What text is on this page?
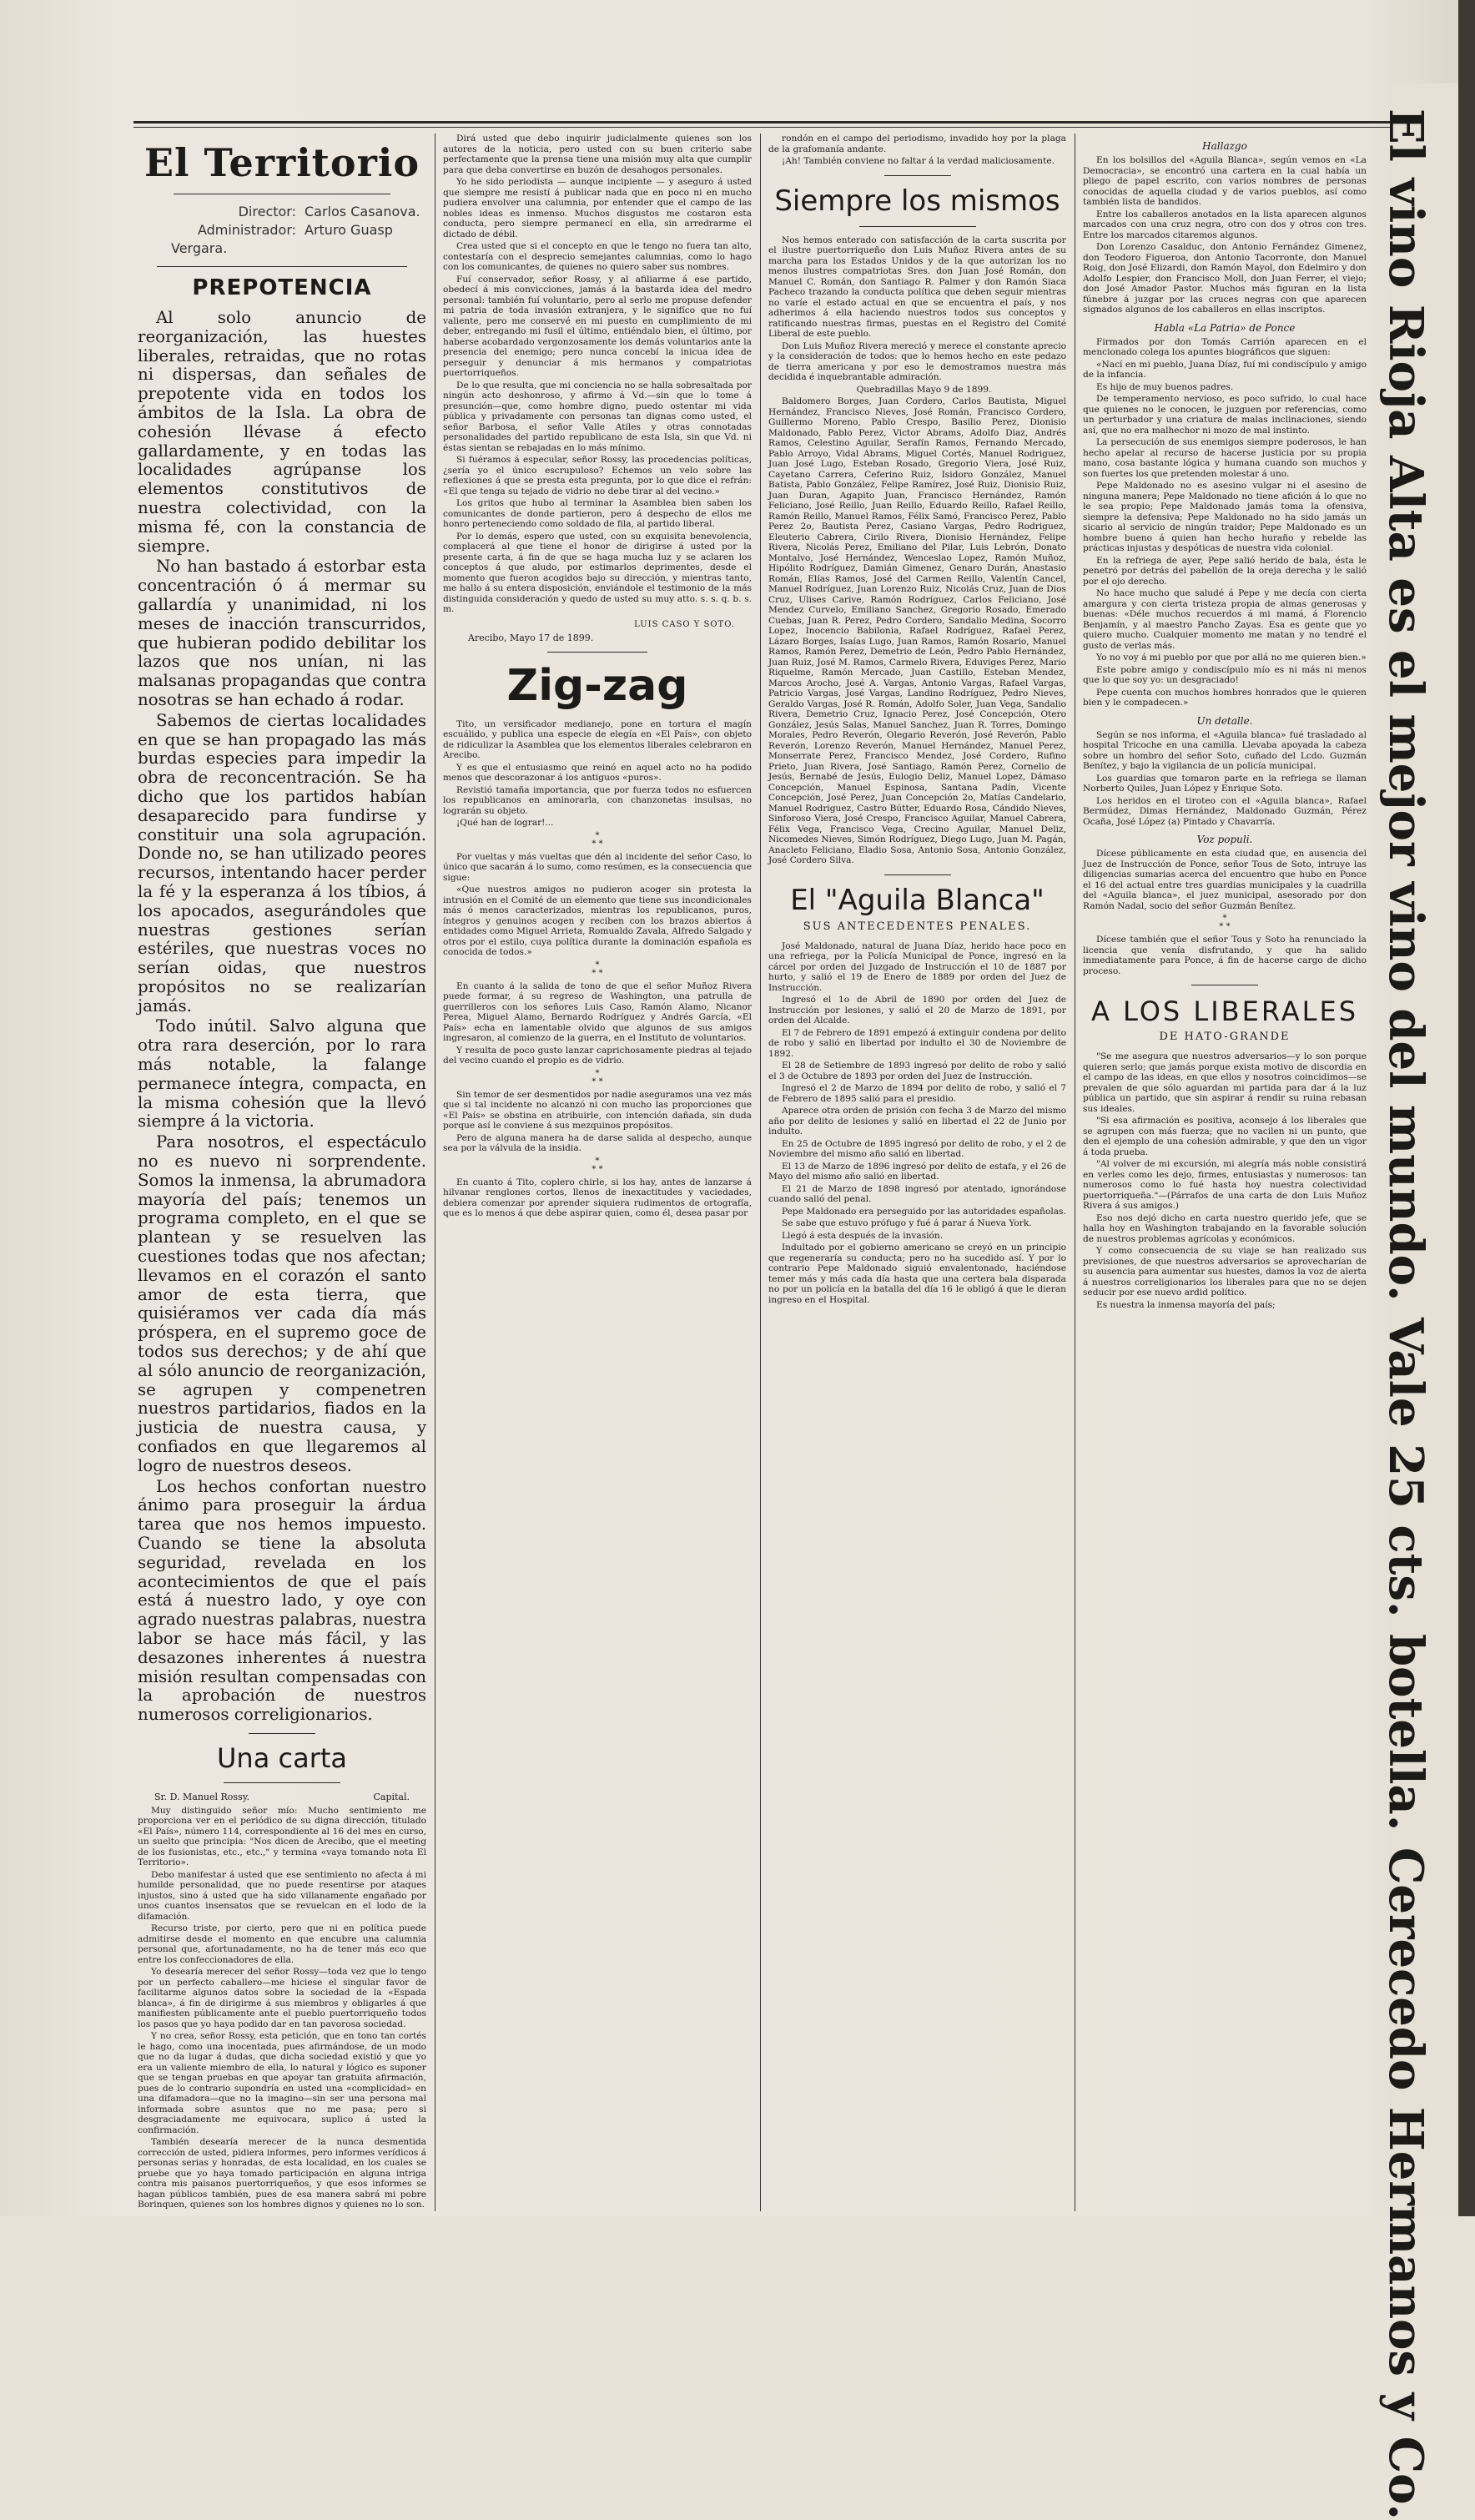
El Territorio
Director: Carlos Casanova.
Administrador: Arturo Guasp Vergara.
PREPOTENCIA

Al solo anuncio de reorganización, las huestes liberales, retraidas, que no rotas ni dispersas, dan señales de prepotente vida en todos los ámbitos de la Isla. La obra de cohesión llévase á efecto gallardamente, y en todas las localidades agrúpanse los elementos constitutivos de nuestra colectividad, con la misma fé, con la constancia de siempre.

No han bastado á estorbar esta concentración ó á mermar su gallardía y unanimidad, ni los meses de inacción transcurridos, que hubieran podido debilitar los lazos que nos unían, ni las malsanas propagandas que contra nosotras se han echado á rodar.

Sabemos de ciertas localidades en que se han propagado las más burdas especies para impedir la obra de reconcentración. Se ha dicho que los partidos habían desaparecido para fundirse y constituir una sola agrupación. Donde no, se han utilizado peores recursos, intentando hacer perder la fé y la esperanza á los tíbios, á los apocados, asegurándoles que nuestras gestiones serían estériles, que nuestras voces no serían oidas, que nuestros propósitos no se realizarían jamás.

Todo inútil. Salvo alguna que otra rara deserción, por lo rara más notable, la falange permanece íntegra, compacta, en la misma cohesión que la llevó siempre á la victoria.

Para nosotros, el espectáculo no es nuevo ni sorprendente. Somos la inmensa, la abrumadora mayoría del país; tenemos un programa completo, en el que se plantean y se resuelven las cuestiones todas que nos afectan; llevamos en el corazón el santo amor de esta tierra, que quisiéramos ver cada día más próspera, en el supremo goce de todos sus derechos; y de ahí que al sólo anuncio de reorganización, se agrupen y compenetren nuestros partidarios, fiados en la justicia de nuestra causa, y confiados en que llegaremos al logro de nuestros deseos.

Los hechos confortan nuestro ánimo para proseguir la árdua tarea que nos hemos impuesto. Cuando se tiene la absoluta seguridad, revelada en los acontecimientos de que el país está á nuestro lado, y oye con agrado nuestras palabras, nuestra labor se hace más fácil, y las desazones inherentes á nuestra misión resultan compensadas con la aprobación de nuestros numerosos correligionarios.

Una carta
Sr. D. Manuel Rossy.	Capital.

Muy distinguido señor mío: Mucho sentimiento me proporciona ver en el periódico de su digna dirección, titulado «El País», número 114, correspondiente al 16 del mes en curso, un suelto que principia: "Nos dicen de Arecibo, que el meeting de los fusionistas, etc., etc.," y termina «vaya tomando nota El Territorio».

Debo manifestar á usted que ese sentimiento no afecta á mi humilde personalidad, que no puede resentirse por ataques injustos, sino á usted que ha sido villanamente engañado por unos cuantos insensatos que se revuelcan en el lodo de la difamación.

Recurso triste, por cierto, pero que ni en política puede admitirse desde el momento en que encubre una calumnia personal que, afortunadamente, no ha de tener más eco que entre los confeccionadores de ella.

Yo desearía merecer del señor Rossy—toda vez que lo tengo por un perfecto caballero—me hiciese el singular favor de facilitarme algunos datos sobre la sociedad de la «Espada blanca», á fin de dirigirme á sus miembros y obligarles á que manifiesten públicamente ante el pueblo puertorriqueño todos los pasos que yo haya podido dar en tan pavorosa sociedad.

Y no crea, señor Rossy, esta petición, que en tono tan cortés le hago, como una inocentada, pues afirmándose, de un modo que no da lugar á dudas, que dicha sociedad existió y que yo era un valiente miembro de ella, lo natural y lógico es suponer que se tengan pruebas en que apoyar tan gratuita afirmación, pues de lo contrario supondría en usted una «complicidad» en una difamadora—que no la imagino—sin ser una persona mal informada sobre asuntos que no me pasa; pero si desgraciadamente me equivocara, suplico á usted la confirmación.

También desearía merecer de la nunca desmentida corrección de usted, pidiera informes, pero informes verídicos á personas serias y honradas, de esta localidad, en los cuales se pruebe que yo haya tomado participación en alguna intriga contra mis paisanos puertorriqueños, y que esos informes se hagan públicos también, pues de esa manera sabrá mi pobre Borinquen, quienes son los hombres dignos y quienes no lo son.

Dirá usted que debo inquirir judicialmente quienes son los autores de la noticia, pero usted con su buen criterio sabe perfectamente que la prensa tiene una misión muy alta que cumplir para que deba convertirse en buzón de desahogos personales.

Yo he sido periodista — aunque incipiente — y aseguro á usted que siempre me resistí á publicar nada que en poco ni en mucho pudiera envolver una calumnia, por entender que el campo de las nobles ideas es inmenso. Muchos disgustos me costaron esta conducta, pero siempre permanecí en ella, sin arredrarme el dictado de débil.

Crea usted que si el concepto en que le tengo no fuera tan alto, contestaría con el desprecio semejantes calumnias, como lo hago con los comunicantes, de quienes no quiero saber sus nombres.

Fuí conservador, señor Rossy, y al afiliarme á ese partido, obedecí á mis convicciones, jamás á la bastarda idea del medro personal: también fuí voluntario, pero al serlo me propuse defender mi patria de toda invasión extranjera, y le signifíco que no fuí valiente, pero me conservé en mi puesto en cumplimiento de mi deber, entregando mi fusil el último, entiéndalo bien, el último, por haberse acobardado vergonzosamente los demás voluntarios ante la presencia del enemigo; pero nunca concebí la inicua idea de perseguir y denunciar á mis hermanos y compatriotas puertorriqueños.

De lo que resulta, que mi conciencia no se halla sobresaltada por ningún acto deshonroso, y afirmo á Vd.—sin que lo tome á presunción—que, como hombre digno, puedo ostentar mi vida pública y privadamente con personas tan dignas como usted, el señor Barbosa, el señor Valle Atiles y otras connotadas personalidades del partido republicano de esta Isla, sin que Vd. ni éstas sientan se rebajadas en lo más mínimo.

Si fuéramos á especular, señor Rossy, las procedencias políticas, ¿sería yo el único escrupuloso? Echemos un velo sobre las reflexiones á que se presta esta pregunta, por lo que dice el refrán: «El que tenga su tejado de vidrio no debe tirar al del vecino.»

Los gritos que hubo al terminar la Asamblea bien saben los comunicantes de donde partieron, pero á despecho de ellos me honro perteneciendo como soldado de fila, al partido liberal.

Por lo demás, espero que usted, con su exquisita benevolencia, complacerá al que tiene el honor de dirigirse á usted por la presente carta, á fin de que se haga mucha luz y se aclaren los conceptos á que aludo, por estimarlos deprimentes, desde el momento que fueron acogidos bajo su dirección, y mientras tanto, me hallo á su entera disposición, enviándole el testimonio de la más distinguida consideración y quedo de usted su muy atto. s. s. q. b. s. m.

LUIS CASO Y SOTO.
Arecibo, Mayo 17 de 1899.
Zig-zag

Tito, un versificador medianejo, pone en tortura el magín escuálido, y publica una especie de elegía en «El País», con objeto de ridiculizar la Asamblea que los elementos liberales celebraron en Arecibo.

Y es que el entusiasmo que reinó en aquel acto no ha podido menos que descorazonar á los antiguos «puros».

Revistió tamaña importancia, que por fuerza todos no esfuercen los republicanos en aminorarla, con chanzonetas insulsas, no lograrán su objeto.

¡Qué han de lograr!...

*
* *

Por vueltas y más vueltas que dén al incidente del señor Caso, lo único que sacarán á lo sumo, como resúmen, es la consecuencia que sigue:

«Que nuestros amigos no pudieron acoger sin protesta la intrusión en el Comité de un elemento que tiene sus incondicionales más ó menos caracterizados, mientras los republicanos, puros, íntegros y genuinos acogen y reciben con los brazos abiertos á entidades como Miguel Arrieta, Romualdo Zavala, Alfredo Salgado y otros por el estilo, cuya política durante la dominación española es conocida de todos.»

*
* *

En cuanto á la salida de tono de que el señor Muñoz Rivera puede formar, á su regreso de Washington, una patrulla de guerrilleros con los señores Luis Caso, Ramón Alamo, Nicanor Perea, Miguel Alamo, Bernardo Rodríguez y Andrés García, «El País» echa en lamentable olvido que algunos de sus amigos ingresaron, al comienzo de la guerra, en el Instituto de voluntarios.

Y resulta de poco gusto lanzar caprichosamente piedras al tejado del vecino cuando el propio es de vidrio.

*
* *

Sin temor de ser desmentidos por nadie aseguramos una vez más que si tal incidente no alcanzó ni con mucho las proporciones que «El País» se obstina en atribuirle, con intención dañada, sin duda porque así le conviene á sus mezquinos propósitos.

Pero de alguna manera ha de darse salida al despecho, aunque sea por la válvula de la insidia.

*
* *

En cuanto á Tito, coplero chirle, si los hay, antes de lanzarse á hilvanar renglones cortos, llenos de inexactitudes y vaciedades, debiera comenzar por aprender siquiera rudimentos de ortografía, que es lo menos á que debe aspirar quien, como él, desea pasar por

rondón en el campo del periodismo, invadido hoy por la plaga de la grafomanía andante.

¡Ah! También conviene no faltar á la verdad maliciosamente.

Siempre los mismos

Nos hemos enterado con satisfacción de la carta suscrita por el ilustre puertorriqueño don Luis Muñoz Rivera antes de su marcha para los Estados Unidos y de la que autorizan los no menos ilustres compatriotas Sres. don Juan José Román, don Manuel C. Román, don Santiago R. Palmer y don Ramón Siaca Pacheco trazando la conducta política que deben seguir mientras no varíe el estado actual en que se encuentra el país, y nos adherimos á ella haciendo nuestros todos sus conceptos y ratificando nuestras firmas, puestas en el Registro del Comité Liberal de este pueblo.

Don Luis Muñoz Rivera mereció y merece el constante aprecio y la consideración de todos: que lo hemos hecho en este pedazo de tierra americana y por eso le demostramos nuestra más decidida é inquebrantable admiración.

Quebradillas Mayo 9 de 1899.

Baldomero Borges, Juan Cordero, Carlos Bautista, Miguel Hernández, Francisco Nieves, José Román, Francisco Cordero, Guillermo Moreno, Pablo Crespo, Basilio Perez, Dionisio Maldonado, Pablo Perez, Victor Abrams, Adolfo Diaz, Andrés Ramos, Celestino Aguilar, Serafín Ramos, Fernando Mercado, Pablo Arroyo, Vidal Abrams, Miguel Cortés, Manuel Rodriguez, Juan José Lugo, Esteban Rosado, Gregorio Viera, José Ruiz, Cayetano Carrera, Ceferino Ruiz, Isidoro González, Manuel Batista, Pablo González, Felipe Ramírez, José Ruiz, Dionisio Ruiz, Juan Duran, Agapito Juan, Francisco Hernández, Ramón Feliciano, José Reillo, Juan Reillo, Eduardo Reillo, Rafael Reillo, Ramón Reillo, Manuel Ramos, Félix Samó, Francisco Perez, Pablo Perez 2o, Bautista Perez, Casiano Vargas, Pedro Rodriguez, Eleuterio Cabrera, Cirilo Rivera, Dionisio Hernández, Felipe Rivera, Nicolás Perez, Emiliano del Pilar, Luis Lebrón, Donato Montalvo, José Hernández, Wenceslao Lopez, Ramón Muñoz, Hipólito Rodríguez, Damián Gimenez, Genaro Durán, Anastasio Román, Elías Ramos, José del Carmen Reillo, Valentín Cancel, Manuel Rodríguez, Juan Lorenzo Ruiz, Nicolás Cruz, Juan de Dios Cruz, Ulises Carive, Ramón Rodríguez, Carlos Feliciano, José Mendez Curvelo, Emiliano Sanchez, Gregorio Rosado, Emerado Cuebas, Juan R. Perez, Pedro Cordero, Sandalio Medina, Socorro Lopez, Inocencio Babilonia, Rafael Rodríguez, Rafael Perez, Lázaro Borges, Isaías Lugo, Juan Ramos, Ramón Rosario, Manuel Ramos, Ramón Perez, Demetrio de León, Pedro Pablo Hernández, Juan Ruiz, José M. Ramos, Carmelo Rivera, Eduviges Perez, Mario Riquelme, Ramón Mercado, Juan Castillo, Esteban Mendez, Marcos Arocho, José A. Vargas, Antonio Vargas, Rafael Vargas, Patricio Vargas, José Vargas, Landino Rodríguez, Pedro Nieves, Geraldo Vargas, José R. Román, Adolfo Soler, Juan Vega, Sandalio Rivera, Demetrio Cruz, Ignacio Perez, José Concepción, Otero González, Jesús Salas, Manuel Sanchez, Juan R. Torres, Domingo Morales, Pedro Reverón, Olegario Reverón, José Reverón, Pablo Reverón, Lorenzo Reverón, Manuel Hernández, Manuel Perez, Monserrate Perez, Francisco Mendez, José Cordero, Rufino Prieto, Juan Rivera, José Santiago, Ramón Perez, Cornelio de Jesús, Bernabé de Jesús, Eulogio Deliz, Manuel Lopez, Dámaso Concepción, Manuel Espinosa, Santana Padín, Vicente Concepción, José Perez, Juan Concepción 2o, Matías Candelario, Manuel Rodriguez, Castro Bútter, Eduardo Rosa, Cándido Nieves, Sinforoso Viera, José Crespo, Francisco Aguilar, Manuel Cabrera, Félix Vega, Francisco Vega, Crecino Aguilar, Manuel Deliz, Nicomedes Nieves, Simón Rodríguez, Diego Lugo, Juan M. Pagán, Anacleto Feliciano, Eladio Sosa, Antonio Sosa, Antonio González, José Cordero Silva.

El "Aguila Blanca"
SUS ANTECEDENTES PENALES.

José Maldonado, natural de Juana Díaz, herido hace poco en una refriega, por la Policía Municipal de Ponce, ingresó en la cárcel por orden del Juzgado de Instrucción el 10 de 1887 por hurto, y salió el 19 de Enero de 1889 por orden del Juez de Instrucción.

Ingresó el 1o de Abril de 1890 por orden del Juez de Instrucción por lesiones, y salió el 20 de Marzo de 1891, por orden del Alcalde.

El 7 de Febrero de 1891 empezó á extinguir condena por delito de robo y salió en libertad por indulto el 30 de Noviembre de 1892.

El 28 de Setiembre de 1893 ingresó por delito de robo y salió el 3 de Octubre de 1893 por orden del Juez de Instrucción.

Ingresó el 2 de Marzo de 1894 por delito de robo, y salió el 7 de Febrero de 1895 salió para el presidio.

Aparece otra orden de prisión con fecha 3 de Marzo del mismo año por delito de lesiones y salió en libertad el 22 de Junio por indulto.

En 25 de Octubre de 1895 ingresó por delito de robo, y el 2 de Noviembre del mismo año salió en libertad.

El 13 de Marzo de 1896 ingresó por delito de estafa, y el 26 de Mayo del mismo año salió en libertad.

El 21 de Marzo de 1898 ingresó por atentado, ignorándose cuando salió del penal.

Pepe Maldonado era perseguido por las autoridades españolas.

Se sabe que estuvo prófugo y fué á parar á Nueva York.

Llegó á esta después de la invasión.

Indultado por el gobierno americano se creyó en un principio que regeneraría su conducta; pero no ha sucedido así. Y por lo contrario Pepe Maldonado siguió envalentonado, haciéndose temer más y más cada día hasta que una certera bala disparada no por un policía en la batalla del día 16 le obligó á que le dieran ingreso en el Hospital.

Hallazgo

En los bolsillos del «Aguila Blanca», según vemos en «La Democracia», se encontró una cartera en la cual había un pliego de papel escrito, con varios nombres de personas conocidas de aquella ciudad y de varios pueblos, así como también lista de bandidos.

Entre los caballeros anotados en la lista aparecen algunos marcados con una cruz negra, otro con dos y otros con tres. Entre los marcados citaremos algunos.

Don Lorenzo Casalduc, don Antonio Fernández Gimenez, don Teodoro Figueroa, don Antonio Tacorronte, don Manuel Roig, don José Elizardi, don Ramón Mayol, don Edelmiro y don Adolfo Lespier, don Francisco Moll, don Juan Ferrer, el viejo; don José Amador Pastor. Muchos más figuran en la lista fúnebre á juzgar por las cruces negras con que aparecen signados algunos de los caballeros en ellas inscriptos.

Habla «La Patria» de Ponce

Firmados por don Tomás Carrión aparecen en el mencionado colega los apuntes biográficos que siguen:

«Nací en mi pueblo, Juana Díaz, fuí mi condiscípulo y amigo de la infancia.

Es hijo de muy buenos padres.

De temperamento nervioso, es poco sufrido, lo cual hace que quienes no le conocen, le juzguen por referencias, como un perturbador y una criatura de malas inclinaciones, siendo así, que no era malhechor ni mozo de mal instinto.

La persecución de sus enemigos siempre poderosos, le han hecho apelar al recurso de hacerse justicia por su propia mano, cosa bastante lógica y humana cuando son muchos y son fuertes los que pretenden molestar á uno.

Pepe Maldonado no es asesino vulgar ni el asesino de ninguna manera; Pepe Maldonado no tiene afición á lo que no le sea propio; Pepe Maldonado jamás toma la ofensiva, siempre la defensiva; Pepe Maldonado no ha sido jamás un sicario al servicio de ningún traidor; Pepe Maldonado es un hombre bueno á quien han hecho huraño y rebelde las prácticas injustas y despóticas de nuestra vida colonial.

En la refriega de ayer, Pepe salió herido de bala, ésta le penetró por detrás del pabellón de la oreja derecha y le salió por el ojo derecho.

No hace mucho que saludé á Pepe y me decía con cierta amargura y con cierta tristeza propia de almas generosas y buenas: «Déle muchos recuerdos á mi mamá, á Florencio Benjamín, y al maestro Pancho Zayas. Esa es gente que yo quiero mucho. Cualquier momento me matan y no tendré el gusto de verlas más.

Yo no voy á mi pueblo por que por allá no me quieren bien.»

Este pobre amigo y condiscípulo mío es ni más ni menos que lo que soy yo: un desgraciado!

Pepe cuenta con muchos hombres honrados que le quieren bien y le compadecen.»

Un detalle.

Según se nos informa, el «Aguila blanca» fué trasladado al hospital Tricoche en una camilla. Llevaba apoyada la cabeza sobre un hombro del señor Soto, cuñado del Lcdo. Guzmán Benítez, y bajo la vigilancia de un policía municipal.

Los guardias que tomaron parte en la refriega se llaman Norberto Quiles, Juan López y Enrique Soto.

Los heridos en el tiroteo con el «Aguila blanca», Rafael Bermúdez, Dimas Hernández, Maldonado Guzmán, Pérez Ocaña, José López (a) Pintado y Chavarría.

Voz populi.

Dícese públicamente en esta ciudad que, en ausencia del Juez de Instrucción de Ponce, señor Tous de Soto, intruye las diligencias sumarias acerca del encuentro que hubo en Ponce el 16 del actual entre tres guardias municipales y la cuadrilla del «Aguila blanca», el juez municipal, asesorado por don Ramón Nadal, socio del señor Guzmán Benítez.

*
* *

Dícese también que el señor Tous y Soto ha renunciado la licencia que venía disfrutando, y que ha salido inmediatamente para Ponce, á fin de hacerse cargo de dicho proceso.

A LOS LIBERALES
DE HATO-GRANDE

"Se me asegura que nuestros adversarios—y lo son porque quieren serlo; que jamás porque exista motivo de discordia en el campo de las ideas, en que ellos y nosotros coincidimos—se prevalen de que sólo aguardan mi partida para dar á la luz pública un partido, que sin aspirar á rendir su ruina rebasan sus ideales.

"Si esa afirmación es positiva, aconsejo á los liberales que se agrupen con más fuerza; que no vacilen ni un punto, que den el ejemplo de una cohesión admirable, y que den un vigor á toda prueba.

"Al volver de mi excursión, mi alegría más noble consistirá en verles como les dejo, firmes, entusiastas y numerosos: tan numerosos como lo fué hasta hoy nuestra colectividad puertorriqueña."—(Párrafos de una carta de don Luis Muñoz Rivera á sus amigos.)

Eso nos dejó dicho en carta nuestro querido jefe, que se halla hoy en Washington trabajando en la favorable solución de nuestros problemas agrícolas y económicos.

Y como consecuencia de su viaje se han realizado sus previsiones, de que nuestros adversarios se aprovecharían de su ausencia para aumentar sus huestes, damos la voz de alerta á nuestros correligionarios los liberales para que no se dejen seducir por ese nuevo ardid político.

Es nuestra la inmensa mayoría del país;	El vino Rioja Alta es el mejor vino del mundo. Vale 25 cts. botella. Cerecedo Hermanos y Co.
